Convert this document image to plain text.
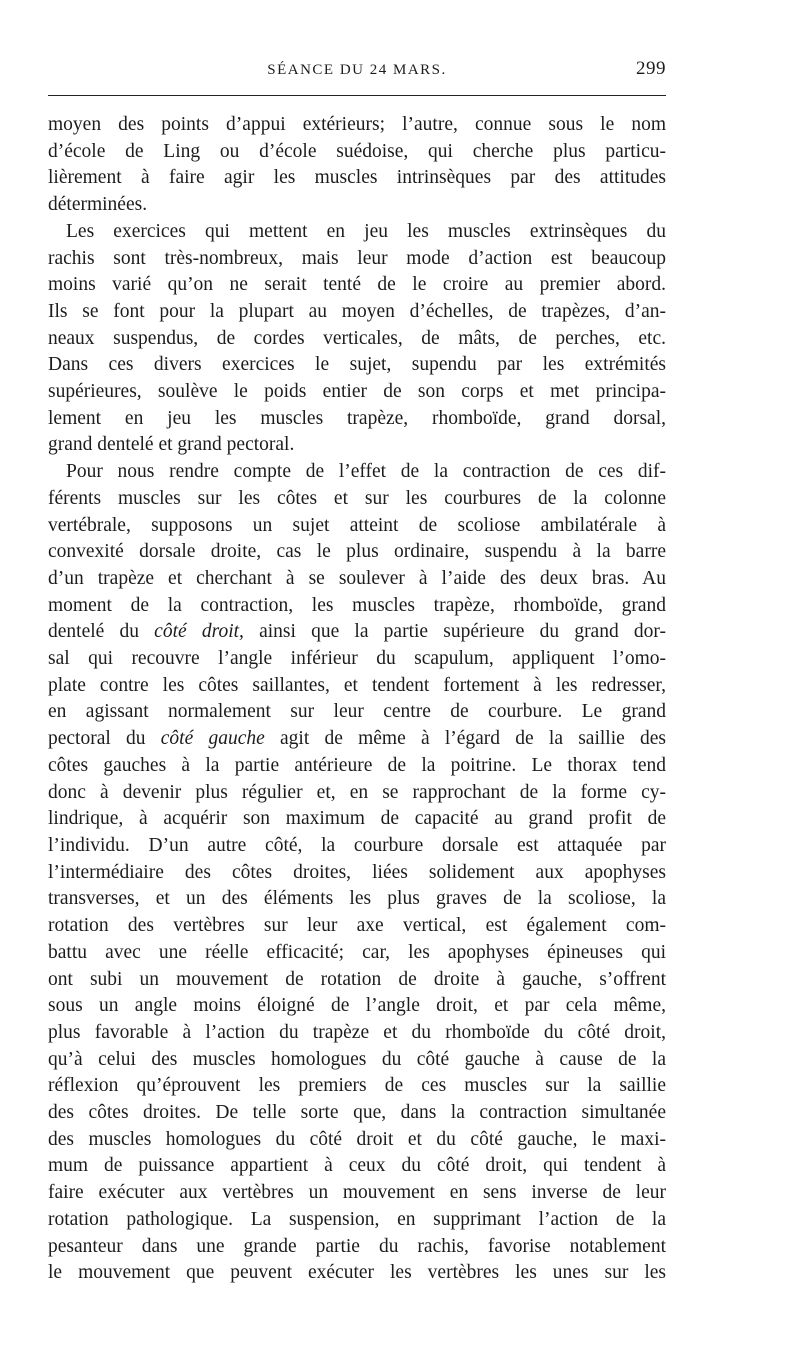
SÉANCE DU 24 MARS.	299

moyen des points d’appui extérieurs; l’autre, connue sous le nom

d’école de Ling ou d’école suédoise, qui cherche plus particu-

lièrement à faire agir les muscles intrinsèques par des attitudes

déterminées.

Les exercices qui mettent en jeu les muscles extrinsèques du

rachis sont très-nombreux, mais leur mode d’action est beaucoup

moins varié qu’on ne serait tenté de le croire au premier abord.

Ils se font pour la plupart au moyen d’échelles, de trapèzes, d’an-

neaux suspendus, de cordes verticales, de mâts, de perches, etc.

Dans ces divers exercices le sujet, supendu par les extrémités

supérieures, soulève le poids entier de son corps et met principa-

lement en jeu les muscles trapèze, rhomboïde, grand dorsal,

grand dentelé et grand pectoral.

Pour nous rendre compte de l’effet de la contraction de ces dif-

férents muscles sur les côtes et sur les courbures de la colonne

vertébrale, supposons un sujet atteint de scoliose ambilatérale à

convexité dorsale droite, cas le plus ordinaire, suspendu à la barre

d’un trapèze et cherchant à se soulever à l’aide des deux bras. Au

moment de la contraction, les muscles trapèze, rhomboïde, grand

dentelé du côté droit, ainsi que la partie supérieure du grand dor-

sal qui recouvre l’angle inférieur du scapulum, appliquent l’omo-

plate contre les côtes saillantes, et tendent fortement à les redresser,

en agissant normalement sur leur centre de courbure. Le grand

pectoral du côté gauche agit de même à l’égard de la saillie des

côtes gauches à la partie antérieure de la poitrine. Le thorax tend

donc à devenir plus régulier et, en se rapprochant de la forme cy-

lindrique, à acquérir son maximum de capacité au grand profit de

l’individu. D’un autre côté, la courbure dorsale est attaquée par

l’intermédiaire des côtes droites, liées solidement aux apophyses

transverses, et un des éléments les plus graves de la scoliose, la

rotation des vertèbres sur leur axe vertical, est également com-

battu avec une réelle efficacité; car, les apophyses épineuses qui

ont subi un mouvement de rotation de droite à gauche, s’offrent

sous un angle moins éloigné de l’angle droit, et par cela même,

plus favorable à l’action du trapèze et du rhomboïde du côté droit,

qu’à celui des muscles homologues du côté gauche à cause de la

réflexion qu’éprouvent les premiers de ces muscles sur la saillie

des côtes droites. De telle sorte que, dans la contraction simultanée

des muscles homologues du côté droit et du côté gauche, le maxi-

mum de puissance appartient à ceux du côté droit, qui tendent à

faire exécuter aux vertèbres un mouvement en sens inverse de leur

rotation pathologique. La suspension, en supprimant l’action de la

pesanteur dans une grande partie du rachis, favorise notablement

le mouvement que peuvent exécuter les vertèbres les unes sur les
